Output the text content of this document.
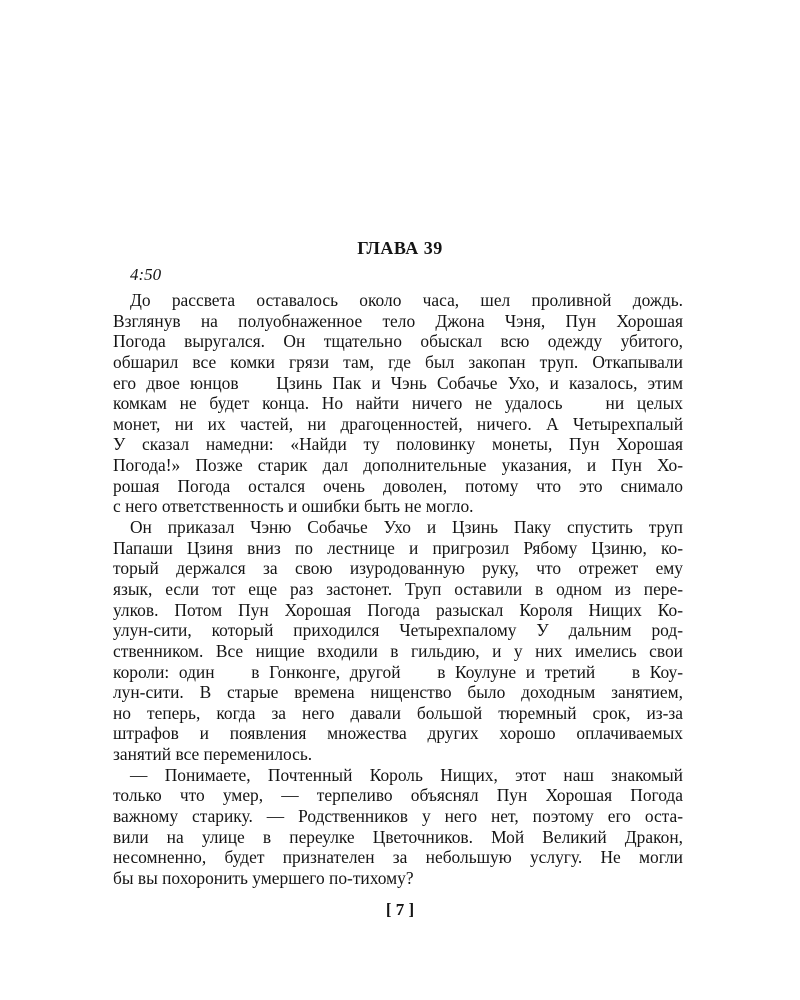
ГЛАВА 39
4:50
До рассвета оставалось около часа, шел проливной дождь.
Взглянув на полуобнаженное тело Джона Чэня, Пун Хорошая
Погода выругался. Он тщательно обыскал всю одежду убитого,
обшарил все комки грязи там, где был закопан труп. Откапывали
его двое юнцов   Цзинь Пак и Чэнь Собачье Ухо, и казалось, этим
комкам не будет конца. Но найти ничего не удалось   ни целых
монет, ни их частей, ни драгоценностей, ничего. А Четырехпалый
У сказал намедни: «Найди ту половинку монеты, Пун Хорошая
Погода!» Позже старик дал дополнительные указания, и Пун Хо-
рошая Погода остался очень доволен, потому что это снимало
с него ответственность и ошибки быть не могло.
Он приказал Чэню Собачье Ухо и Цзинь Паку спустить труп
Папаши Цзиня вниз по лестнице и пригрозил Рябому Цзиню, ко-
торый держался за свою изуродованную руку, что отрежет ему
язык, если тот еще раз застонет. Труп оставили в одном из пере-
улков. Потом Пун Хорошая Погода разыскал Короля Нищих Ко-
улун-сити, который приходился Четырехпалому У дальним род-
ственником. Все нищие входили в гильдию, и у них имелись свои
короли: один   в Гонконге, другой   в Коулуне и третий   в Коу-
лун-сити. В старые времена нищенство было доходным занятием,
но теперь, когда за него давали большой тюремный срок, из-за
штрафов и появления множества других хорошо оплачиваемых
занятий все переменилось.
— Понимаете, Почтенный Король Нищих, этот наш знакомый
только что умер, — терпеливо объяснял Пун Хорошая Погода
важному старику. — Родственников у него нет, поэтому его оста-
вили на улице в переулке Цветочников. Мой Великий Дракон,
несомненно, будет признателен за небольшую услугу. Не могли
бы вы похоронить умершего по-тихому?
[ 7 ]
